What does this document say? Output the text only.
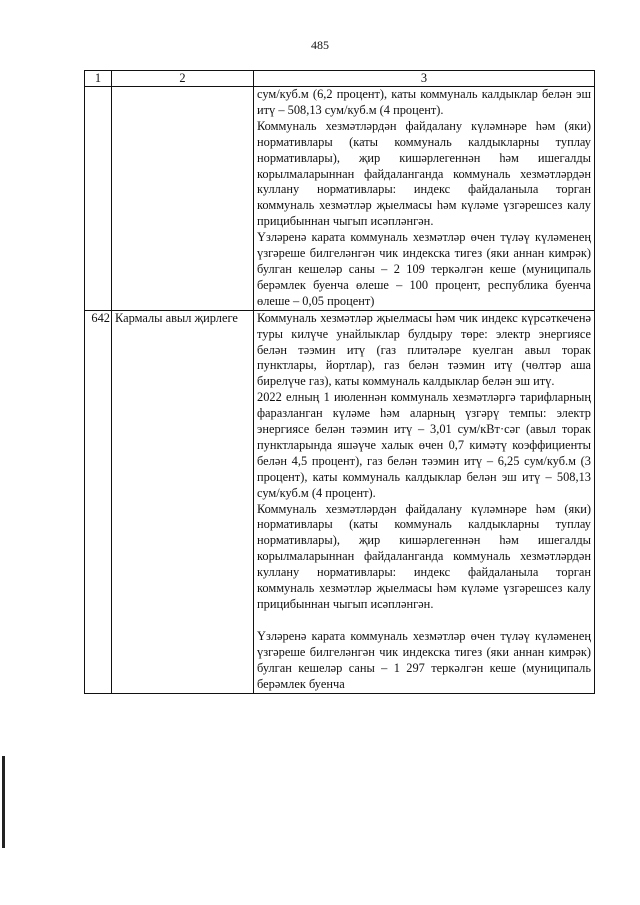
485
1	2	3

		сум/куб.м (6,2 процент), каты коммуналь калдыклар белән эш итү – 508,13 сум/куб.м (4 процент).

Коммуналь хезмәтләрдән файдалану күләмнәре һәм (яки) нормативлары (каты коммуналь калдыкларны туплау нормативлары), җир кишәрлегеннән һәм ишегалды корылмаларыннан файдаланганда коммуналь хезмәтләрдән куллану нормативлары: индекс файдаланыла торган коммуналь хезмәтләр җыелмасы һәм күләме үзгәрешсез калу прицибыннан чыгып исәпләнгән.

Үзләренә карата коммуналь хезмәтләр өчен түләү күләменең үзгәреше билгеләнгән чик индекска тигез (яки аннан кимрәк) булган кешеләр саны – 2 109 теркәлгән кеше (муниципаль берәмлек буенча өлеше – 100 процент, республика буенча өлеше – 0,05 процент)

642	Кармалы авыл җирлеге	Коммуналь хезмәтләр җыелмасы һәм чик индекс күрсәткеченә туры килүче унайлыклар булдыру төре: электр энергиясе белән тәэмин итү (газ плитәләре куелган авыл торак пунктлары, йортлар), газ белән тәэмин итү (чөлтәр аша бирелүче газ), каты коммуналь калдыклар белән эш итү.

2022 елның 1 июленнән коммуналь хезмәтләргә тарифларның фаразланган күләме һәм аларның үзгәрү темпы: электр энергиясе белән тәэмин итү – 3,01 сум/кВт·сәг (авыл торак пунктларында яшәүче халык өчен 0,7 кимәтү коэффициенты белән 4,5 процент), газ белән тәэмин итү – 6,25 сум/куб.м (3 процент), каты коммуналь калдыклар белән эш итү – 508,13 сум/куб.м (4 процент).

Коммуналь хезмәтләрдән файдалану күләмнәре һәм (яки) нормативлары (каты коммуналь калдыкларны туплау нормативлары), җир кишәрлегеннән һәм ишегалды корылмаларыннан файдаланганда коммуналь хезмәтләрдән куллану нормативлары: индекс файдаланыла торган коммуналь хезмәтләр җыелмасы һәм күләме үзгәрешсез калу прицибыннан чыгып исәпләнгән.

Үзләренә карата коммуналь хезмәтләр өчен түләү күләменең үзгәреше билгеләнгән чик индекска тигез (яки аннан кимрәк) булган кешеләр саны – 1 297 теркәлгән кеше (муниципаль берәмлек буенча
